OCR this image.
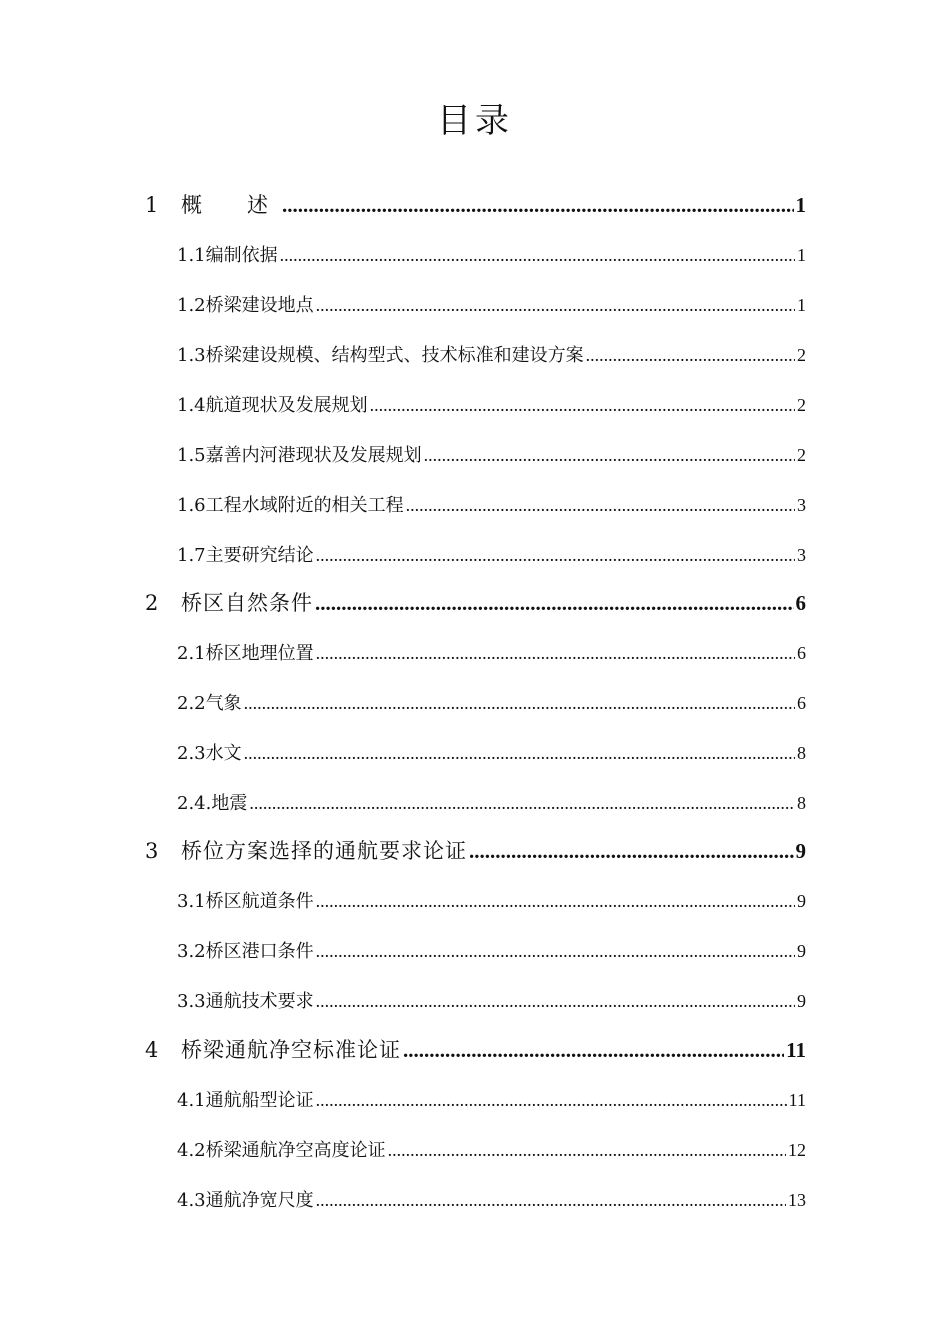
目录
1	概　述 .....	1
1.1 编制依据 .....	1
1.2 桥梁建设地点 .....	1
1.3 桥梁建设规模、结构型式、技术标准和建设方案 .....	2
1.4 航道现状及发展规划 .....	2
1.5 嘉善内河港现状及发展规划 .....	2
1.6 工程水域附近的相关工程 .....	3
1.7 主要研究结论 .....	3
2	桥区自然条件 .....	6
2.1 桥区地理位置 .....	6
2.2 气象 .....	6
2.3 水文 .....	8
2.4. 地震 .....	8
3	桥位方案选择的通航要求论证 .....	9
3.1 桥区航道条件 .....	9
3.2 桥区港口条件 .....	9
3.3 通航技术要求 .....	9
4	桥梁通航净空标准论证 .....	11
4.1 通航船型论证 .....	11
4.2 桥梁通航净空高度论证 .....	12
4.3 通航净宽尺度 .....	13
